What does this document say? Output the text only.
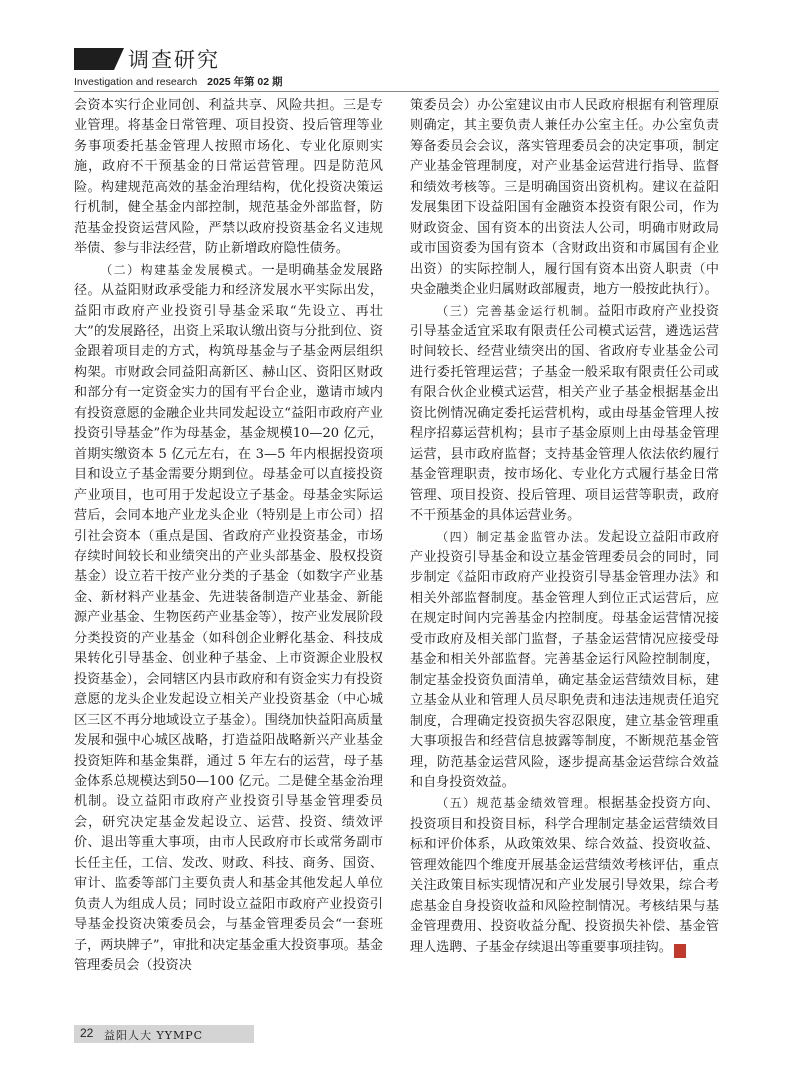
调查研究
Investigation and research 2025 年第 02 期

会资本实行企业同创、利益共享、风险共担。三是专业管理。将基金日常管理、项目投资、投后管理等业务事项委托基金管理人按照市场化、专业化原则实施，政府不干预基金的日常运营管理。四是防范风险。构建规范高效的基金治理结构，优化投资决策运行机制，健全基金内部控制，规范基金外部监督，防范基金投资运营风险，严禁以政府投资基金名义违规举债、参与非法经营，防止新增政府隐性债务。

（二）构建基金发展模式。一是明确基金发展路径。从益阳财政承受能力和经济发展水平实际出发，益阳市政府产业投资引导基金采取“先设立、再壮大”的发展路径，出资上采取认缴出资与分批到位、资金跟着项目走的方式，构筑母基金与子基金两层组织构架。市财政会同益阳高新区、赫山区、资阳区财政和部分有一定资金实力的国有平台企业，邀请市域内有投资意愿的金融企业共同发起设立“益阳市政府产业投资引导基金”作为母基金，基金规模10—20 亿元，首期实缴资本 5 亿元左右，在 3—5 年内根据投资项目和设立子基金需要分期到位。母基金可以直接投资产业项目，也可用于发起设立子基金。母基金实际运营后，会同本地产业龙头企业（特别是上市公司）招引社会资本（重点是国、省政府产业投资基金，市场存续时间较长和业绩突出的产业头部基金、股权投资基金）设立若干按产业分类的子基金（如数字产业基金、新材料产业基金、先进装备制造产业基金、新能源产业基金、生物医药产业基金等），按产业发展阶段分类投资的产业基金（如科创企业孵化基金、科技成果转化引导基金、创业种子基金、上市资源企业股权投资基金），会同辖区内县市政府和有资金实力有投资意愿的龙头企业发起设立相关产业投资基金（中心城区三区不再分地域设立子基金）。围绕加快益阳高质量发展和强中心城区战略，打造益阳战略新兴产业基金投资矩阵和基金集群，通过 5 年左右的运营，母子基金体系总规模达到50—100 亿元。二是健全基金治理机制。设立益阳市政府产业投资引导基金管理委员会，研究决定基金发起设立、运营、投资、绩效评价、退出等重大事项，由市人民政府市长或常务副市长任主任，工信、发改、财政、科技、商务、国资、审计、监委等部门主要负责人和基金其他发起人单位负责人为组成人员；同时设立益阳市政府产业投资引导基金投资决策委员会，与基金管理委员会“一套班子，两块牌子”，审批和决定基金重大投资事项。基金管理委员会（投资决

策委员会）办公室建议由市人民政府根据有利管理原则确定，其主要负责人兼任办公室主任。办公室负责筹备委员会会议，落实管理委员会的决定事项，制定产业基金管理制度，对产业基金运营进行指导、监督和绩效考核等。三是明确国资出资机构。建议在益阳发展集团下设益阳国有金融资本投资有限公司，作为财政资金、国有资本的出资法人公司，明确市财政局或市国资委为国有资本（含财政出资和市属国有企业出资）的实际控制人，履行国有资本出资人职责（中央金融类企业归属财政部履责，地方一般按此执行）。

（三）完善基金运行机制。益阳市政府产业投资引导基金适宜采取有限责任公司模式运营，遴选运营时间较长、经营业绩突出的国、省政府专业基金公司进行委托管理运营；子基金一般采取有限责任公司或有限合伙企业模式运营，相关产业子基金根据基金出资比例情况确定委托运营机构，或由母基金管理人按程序招募运营机构；县市子基金原则上由母基金管理运营，县市政府监督；支持基金管理人依法依约履行基金管理职责，按市场化、专业化方式履行基金日常管理、项目投资、投后管理、项目运营等职责，政府不干预基金的具体运营业务。

（四）制定基金监管办法。发起设立益阳市政府产业投资引导基金和设立基金管理委员会的同时，同步制定《益阳市政府产业投资引导基金管理办法》和相关外部监督制度。基金管理人到位正式运营后，应在规定时间内完善基金内控制度。母基金运营情况接受市政府及相关部门监督，子基金运营情况应接受母基金和相关外部监督。完善基金运行风险控制制度，制定基金投资负面清单，确定基金运营绩效目标，建立基金从业和管理人员尽职免责和违法违规责任追究制度，合理确定投资损失容忍限度，建立基金管理重大事项报告和经营信息披露等制度，不断规范基金管理，防范基金运营风险，逐步提高基金运营综合效益和自身投资效益。

（五）规范基金绩效管理。根据基金投资方向、投资项目和投资目标，科学合理制定基金运营绩效目标和评价体系，从政策效果、综合效益、投资收益、管理效能四个维度开展基金运营绩效考核评估，重点关注政策目标实现情况和产业发展引导效果，综合考虑基金自身投资收益和风险控制情况。考核结果与基金管理费用、投资收益分配、投资损失补偿、基金管理人选聘、子基金存续退出等重要事项挂钩。	乏

22 益阳人大 YYMPC
